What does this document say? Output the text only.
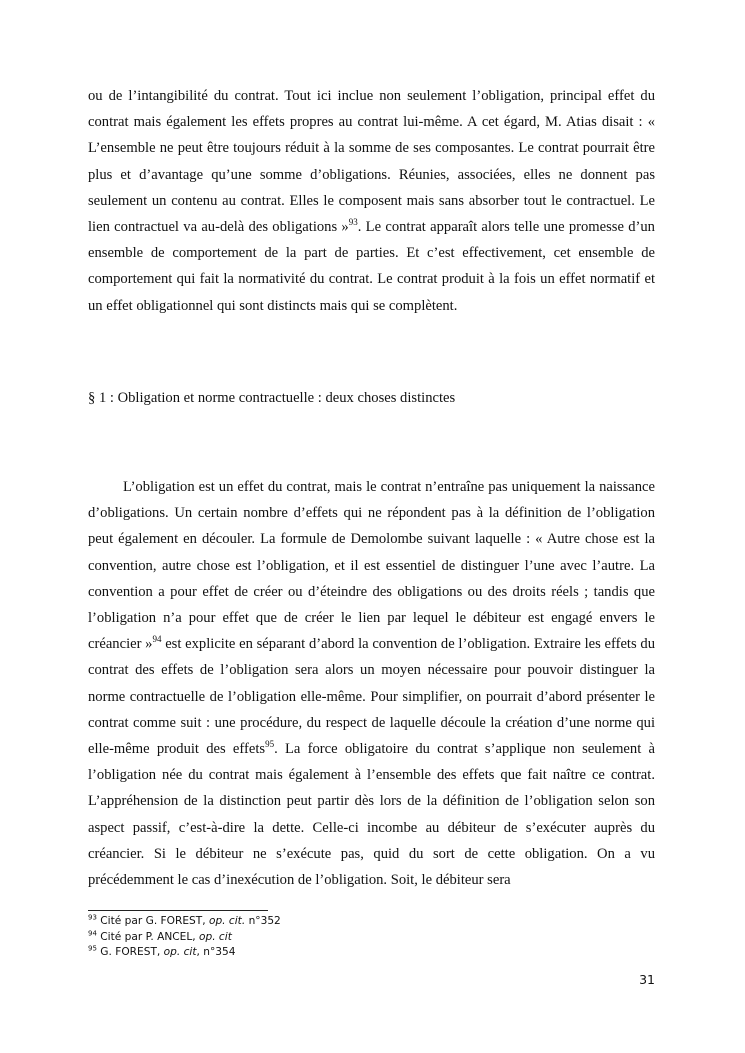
ou de l’intangibilité du contrat. Tout ici inclue non seulement l’obligation, principal effet du contrat mais également les effets propres au contrat lui-même. A cet égard, M. Atias disait : « L’ensemble ne peut être toujours réduit à la somme de ses composantes. Le contrat pourrait être plus et d’avantage qu’une somme d’obligations. Réunies, associées, elles ne donnent pas seulement un contenu au contrat. Elles le composent mais sans absorber tout le contractuel. Le lien contractuel va au-delà des obligations »$^{93}$. Le contrat apparaît alors telle une promesse d’un ensemble de comportement de la part de parties. Et c’est effectivement, cet ensemble de comportement qui fait la normativité du contrat. Le contrat produit à la fois un effet normatif et un effet obligationnel qui sont distincts mais qui se complètent.

§ 1 : Obligation et norme contractuelle : deux choses distinctes

L’obligation est un effet du contrat, mais le contrat n’entraîne pas uniquement la naissance d’obligations. Un certain nombre d’effets qui ne répondent pas à la définition de l’obligation peut également en découler. La formule de Demolombe suivant laquelle : « Autre chose est la convention, autre chose est l’obligation, et il est essentiel de distinguer l’une avec l’autre. La convention a pour effet de créer ou d’éteindre des obligations ou des droits réels ; tandis que l’obligation n’a pour effet que de créer le lien par lequel le débiteur est engagé envers le créancier »$^{94}$ est explicite en séparant d’abord la convention de l’obligation. Extraire les effets du contrat des effets de l’obligation sera alors un moyen nécessaire pour pouvoir distinguer la norme contractuelle de l’obligation elle-même. Pour simplifier, on pourrait d’abord présenter le contrat comme suit : une procédure, du respect de laquelle découle la création d’une norme qui elle-même produit des effets$^{95}$. La force obligatoire du contrat s’applique non seulement à l’obligation née du contrat mais également à l’ensemble des effets que fait naître ce contrat. L’appréhension de la distinction peut partir dès lors de la définition de l’obligation selon son aspect passif, c’est-à-dire la dette. Celle-ci incombe au débiteur de s’exécuter auprès du créancier. Si le débiteur ne s’exécute pas, quid du sort de cette obligation. On a vu précédemment le cas d’inexécution de l’obligation. Soit, le débiteur sera

$^{93}$ Cité par G. FOREST, op. cit. n°352
$^{94}$ Cité par P. ANCEL, op. cit
$^{95}$ G. FOREST, op. cit, n°354
31
